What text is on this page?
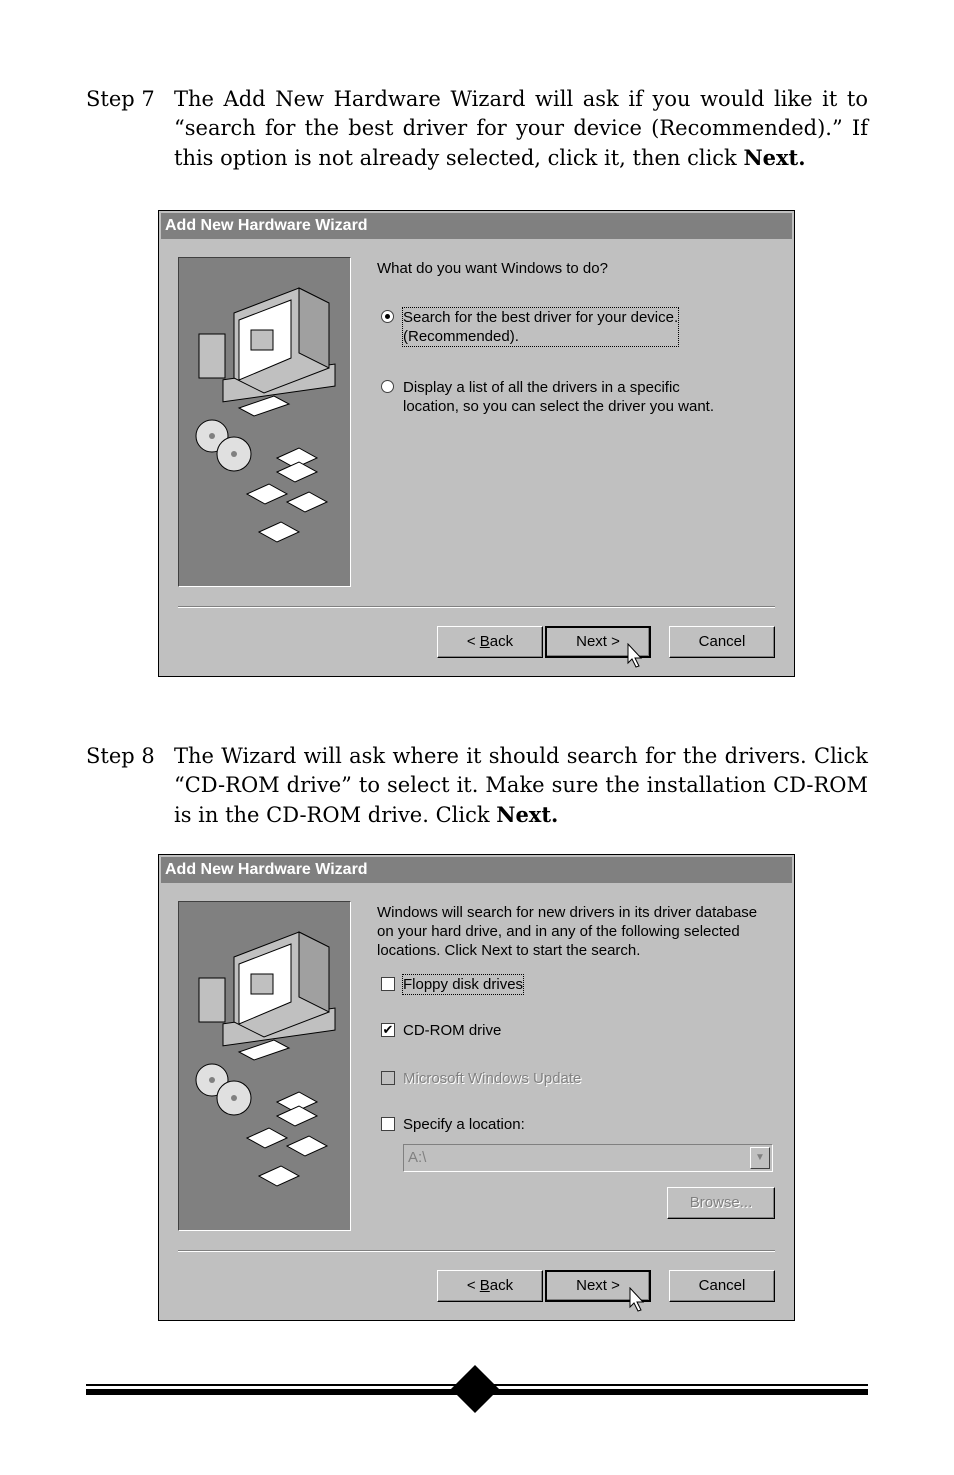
Step 7 The Add New Hardware Wizard will ask if you would like it to “search for the best driver for your device (Recommended).” If this option is not already selected, click it, then click Next.
Add New Hardware Wizard
What do you want Windows to do?
Search for the best driver for your device.
(Recommended).
Display a list of all the drivers in a specific
location, so you can select the driver you want.
< Back	Next >	Cancel
Step 8 The Wizard will ask where it should search for the drivers. Click “CD-ROM drive” to select it. Make sure the installation CD-ROM is in the CD-ROM drive. Click Next.
Add New Hardware Wizard
Windows will search for new drivers in its driver database on your hard drive, and in any of the following selected locations. Click Next to start the search.
Floppy disk drives
✔ CD-ROM drive
Microsoft Windows Update
Specify a location:
A:\	▼
Browse...
< Back	Next >	Cancel
